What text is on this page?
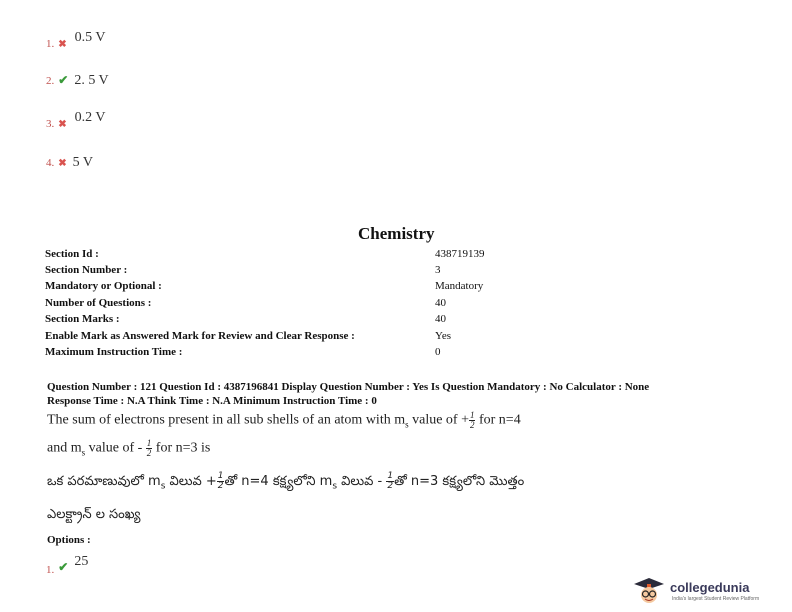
1. ✖ 0.5 V
2. ✔ 2. 5 V
3. ✖ 0.2 V
4. ✖ 5 V
Chemistry
Section Id :	438719139
Section Number :	3
Mandatory or Optional :	Mandatory
Number of Questions :	40
Section Marks :	40
Enable Mark as Answered Mark for Review and Clear Response :	Yes
Maximum Instruction Time :	0
Question Number : 121 Question Id : 4387196841 Display Question Number : Yes Is Question Mandatory : No Calculator : None
Response Time : N.A Think Time : N.A Minimum Instruction Time : 0
The sum of electrons present in all sub shells of an atom with $m_s$ value of + $\frac{1}{2}$ for n=4
and $m_s$ value of - $\frac{1}{2}$ for n=3 is
ఒక పరమాణువులో $m_s$ విలువ + $\frac{1}{2}$ తో n=4 కక్ష్యలోని $m_s$ విలువ - $\frac{1}{2}$ తో n=3 కక్ష్యలోని మొత్తం
ఎలక్ట్రాన్ ల సంఖ్య
Options :
$_{1.}$ $_✔$ 25
collegedunia
India's largest Student Review Platform
